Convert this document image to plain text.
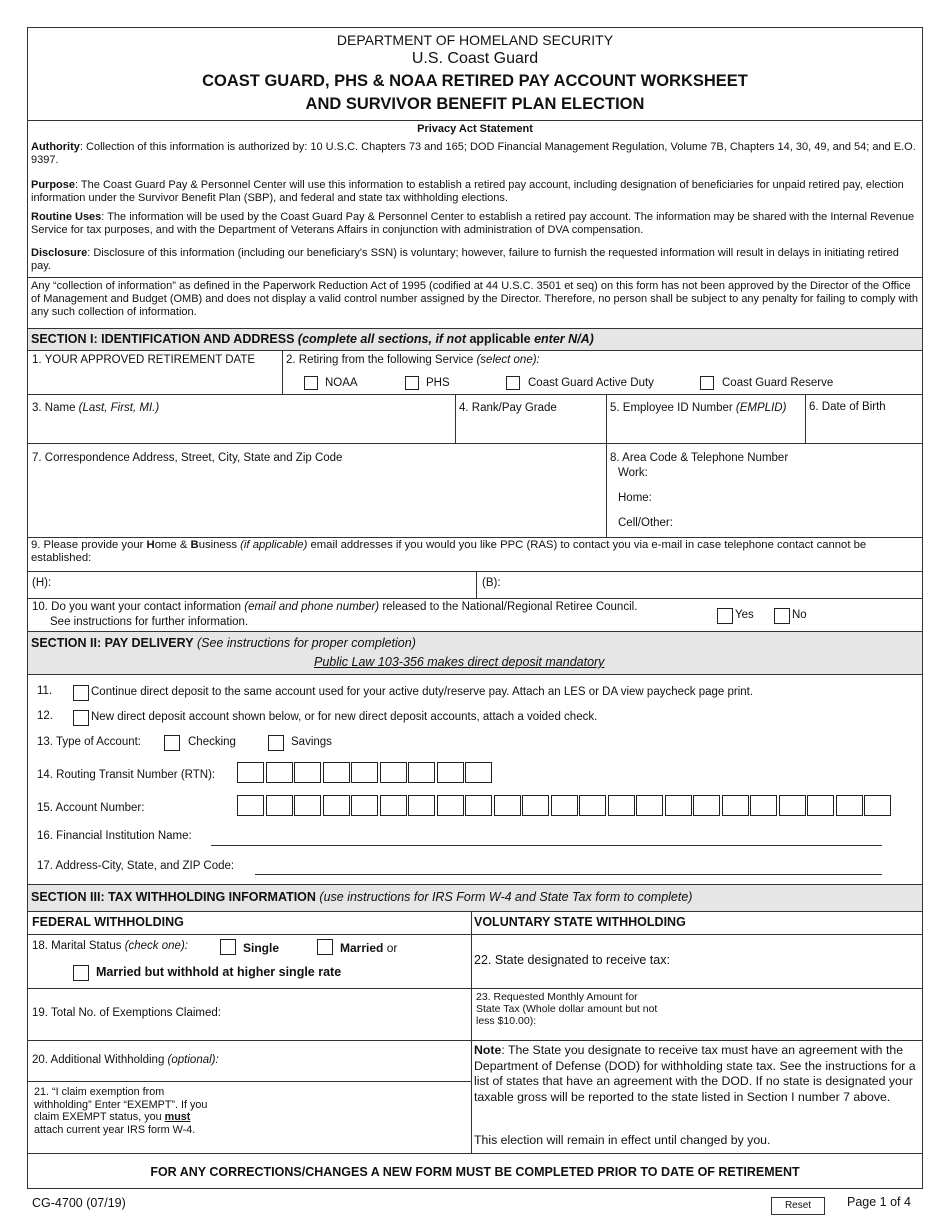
DEPARTMENT OF HOMELAND SECURITY
U.S. Coast Guard
COAST GUARD, PHS & NOAA RETIRED PAY ACCOUNT WORKSHEET
AND SURVIVOR BENEFIT PLAN ELECTION
Privacy Act Statement
Authority: Collection of this information is authorized by: 10 U.S.C. Chapters 73 and 165; DOD Financial Management Regulation, Volume 7B, Chapters 14, 30, 49, and 54; and E.O. 9397.
Purpose: The Coast Guard Pay & Personnel Center will use this information to establish a retired pay account, including designation of beneficiaries for unpaid retired pay, election information under the Survivor Benefit Plan (SBP), and federal and state tax withholding elections.
Routine Uses: The information will be used by the Coast Guard Pay & Personnel Center to establish a retired pay account. The information may be shared with the Internal Revenue Service for tax purposes, and with the Department of Veterans Affairs in conjunction with administration of DVA compensation.
Disclosure: Disclosure of this information (including our beneficiary's SSN) is voluntary; however, failure to furnish the requested information will result in delays in initiating retired pay.
Any “collection of information” as defined in the Paperwork Reduction Act of 1995 (codified at 44 U.S.C. 3501 et seq) on this form has not been approved by the Director of the Office of Management and Budget (OMB) and does not display a valid control number assigned by the Director. Therefore, no person shall be subject to any penalty for failing to comply with any such collection of information.
SECTION I: IDENTIFICATION AND ADDRESS (complete all sections, if not applicable enter N/A)
1. YOUR APPROVED RETIREMENT DATE	2. Retiring from the following Service (select one):
NOAA	PHS	Coast Guard Active Duty	Coast Guard Reserve
3. Name (Last, First, MI.)	4. Rank/Pay Grade	5. Employee ID Number (EMPLID) 6. Date of Birth
7. Correspondence Address, Street, City, State and Zip Code	8. Area Code & Telephone Number
Work:
Home:
Cell/Other:
9. Please provide your Home & Business (if applicable) email addresses if you would you like PPC (RAS) to contact you via e-mail in case telephone contact cannot be established:
(H):	(B):
10. Do you want your contact information (email and phone number) released to the National/Regional Retiree Council.
See instructions for further information.
Yes	No
SECTION II: PAY DELIVERY (See instructions for proper completion)
Public Law 103-356 makes direct deposit mandatory
11.	Continue direct deposit to the same account used for your active duty/reserve pay. Attach an LES or DA view paycheck page print.
12.	New direct deposit account shown below, or for new direct deposit accounts, attach a voided check.
13. Type of Account:	Checking	Savings
14. Routing Transit Number (RTN):
15. Account Number:
16. Financial Institution Name:
17. Address-City, State, and ZIP Code:
SECTION III: TAX WITHHOLDING INFORMATION (use instructions for IRS Form W-4 and State Tax form to complete)
FEDERAL WITHHOLDING	VOLUNTARY STATE WITHHOLDING
18. Marital Status (check one):	Single	Married or
Married but withhold at higher single rate
22. State designated to receive tax:
19. Total No. of Exemptions Claimed:
23. Requested Monthly Amount for
State Tax (Whole dollar amount but not
less $10.00):
20. Additional Withholding (optional):
21. “I claim exemption from
withholding” Enter “EXEMPT”. If you
claim EXEMPT status, you must
attach current year IRS form W-4.
Note: The State you designate to receive tax must have an agreement with the Department of Defense (DOD) for withholding state tax. See the instructions for a list of states that have an agreement with the DOD. If no state is designated your taxable gross will be reported to the state listed in Section I number 7 above.
This election will remain in effect until changed by you.
FOR ANY CORRECTIONS/CHANGES A NEW FORM MUST BE COMPLETED PRIOR TO DATE OF RETIREMENT
CG-4700 (07/19)	Reset	Page 1 of 4
